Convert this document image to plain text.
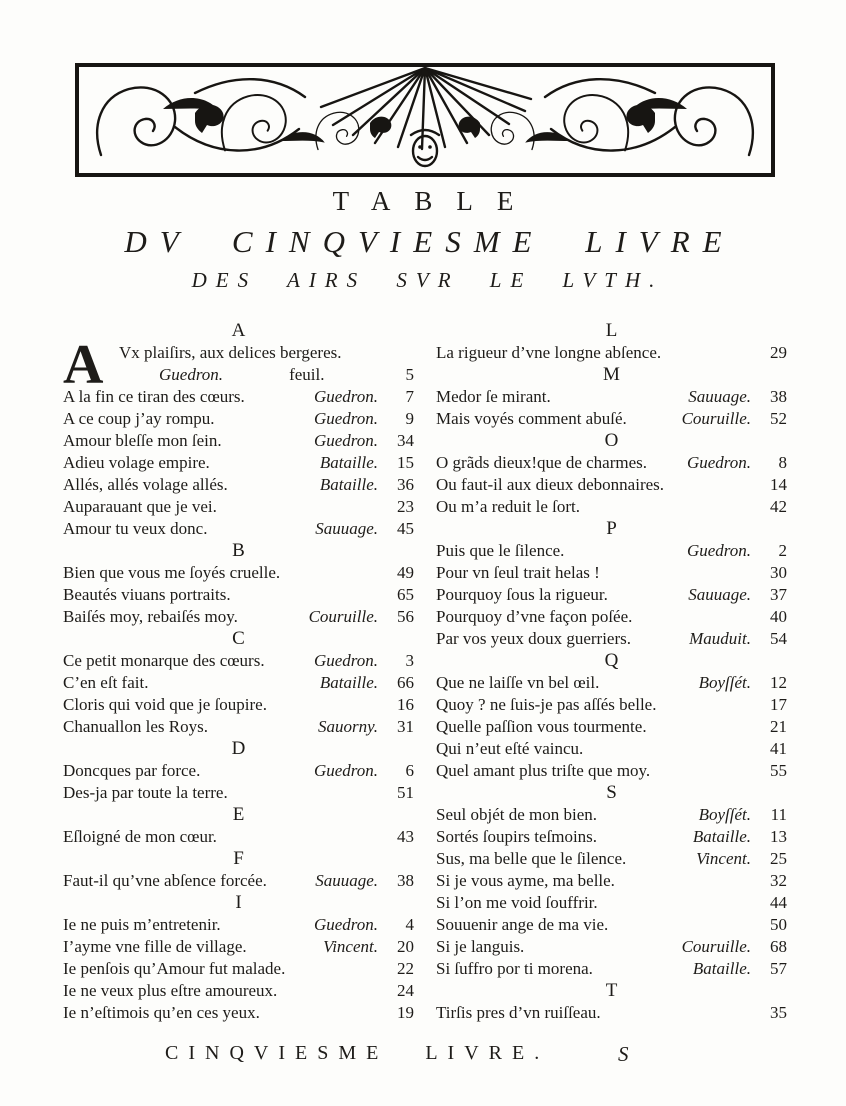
TABLE
DV CINQVIESME LIVRE
DES AIRS SVR LE LVTH.
A
A Vx plaiſirs, aux delices bergeres.
Guedron.	feuil.	5
A la fin ce tiran des cœurs.	Guedron.	7
A ce coup j’ay rompu.	Guedron.	9
Amour bleſſe mon ſein.	Guedron.	34
Adieu volage empire.	Bataille.	15
Allés, allés volage allés.	Bataille.	36
Auparauant que je vei.	23
Amour tu veux donc.	Sauuage.	45
B
Bien que vous me ſoyés cruelle.	49
Beautés viuans portraits.	65
Baiſés moy, rebaiſés moy.	Couruille.	56
C
Ce petit monarque des cœurs.	Guedron.	3
C’en eſt fait.	Bataille.	66
Cloris qui void que je ſoupire.	16
Chanuallon les Roys.	Sauorny.	31
D
Doncques par force.	Guedron.	6
Des-ja par toute la terre.	51
E
Eſloigné de mon cœur.	43
F
Faut-il qu’vne abſence forcée.	Sauuage.	38
I
Ie ne puis m’entretenir.	Guedron.	4
I’ayme vne fille de village.	Vincent.	20
Ie penſois qu’Amour fut malade.	22
Ie ne veux plus eſtre amoureux.	24
Ie n’eſtimois qu’en ces yeux.	19
L
La rigueur d’vne longne abſence.	29
M
Medor ſe mirant.	Sauuage.	38
Mais voyés comment abuſé.	Couruille.	52
O
O grãds dieux!que de charmes.	Guedron.	8
Ou faut-il aux dieux debonnaires.	14
Ou m’a reduit le ſort.	42
P
Puis que le ſilence.	Guedron.	2
Pour vn ſeul trait helas !	30
Pourquoy ſous la rigueur.	Sauuage.	37
Pourquoy d’vne façon poſée.	40
Par vos yeux doux guerriers.	Mauduit.	54
Q
Que ne laiſſe vn bel œil.	Boyſſét.	12
Quoy ? ne ſuis-je pas aſſés belle.	17
Quelle paſſion vous tourmente.	21
Qui n’eut eſté vaincu.	41
Quel amant plus triſte que moy.	55
S
Seul objét de mon bien.	Boyſſét.	11
Sortés ſoupirs teſmoins.	Bataille.	13
Sus, ma belle que le ſilence.	Vincent.	25
Si je vous ayme, ma belle.	32
Si l’on me void ſouffrir.	44
Souuenir ange de ma vie.	50
Si je languis.	Couruille.	68
Si ſuffro por ti morena.	Bataille.	57
T
Tirſis pres d’vn ruiſſeau.	35
CINQVIESME LIVRE.	S
